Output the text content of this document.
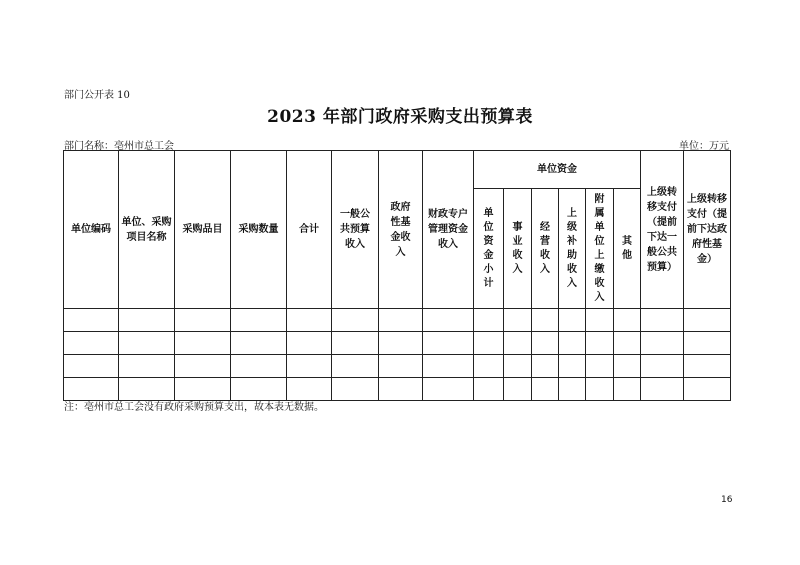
部门公开表 10
2023 年部门政府采购支出预算表
部门名称：亳州市总工会	单位：万元
单位编码	单位、采购项目名称	采购品目	采购数量	合计	一般公共预算收入	政府性基金收入	财政专户管理资金收入	单位资金						上级转移支付（提前下达一般公共预算）	上级转移支付（提前下达政府性基金）
								单位资金小计	事业收入	经营收入	上级补助收入	附属单位上缴收入	其他		

注：亳州市总工会没有政府采购预算支出，故本表无数据。
16
